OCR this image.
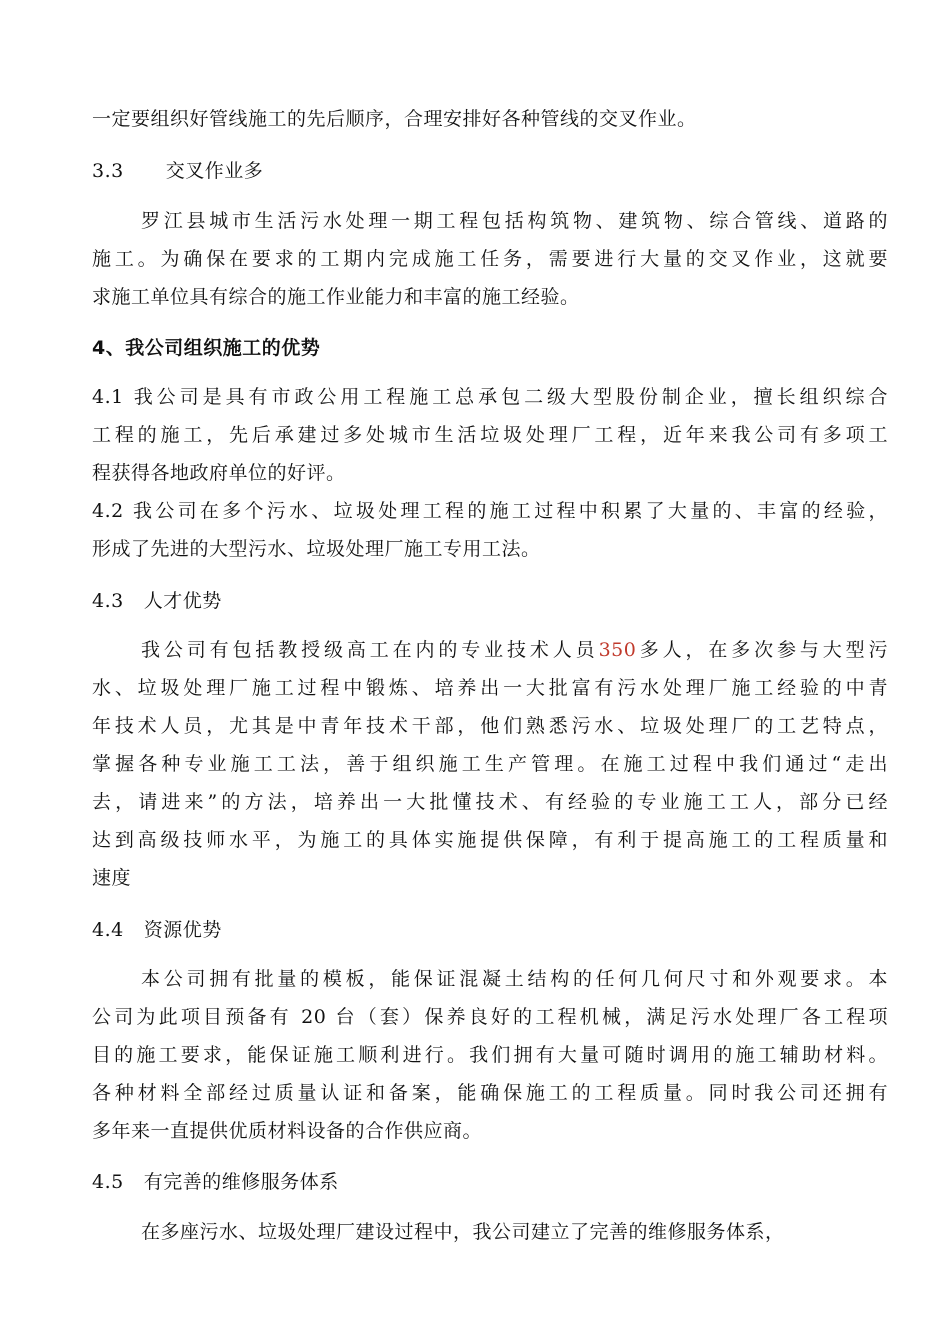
一定要组织好管线施工的先后顺序，合理安排好各种管线的交叉作业。
3.3 交叉作业多
罗江县城市生活污水处理一期工程包括构筑物、建筑物、综合管线、道路的
施工。为确保在要求的工期内完成施工任务，需要进行大量的交叉作业，这就要
求施工单位具有综合的施工作业能力和丰富的施工经验。
4、我公司组织施工的优势
4.1 我公司是具有市政公用工程施工总承包二级大型股份制企业，擅长组织综合
工程的施工，先后承建过多处城市生活垃圾处理厂工程，近年来我公司有多项工
程获得各地政府单位的好评。
4.2 我公司在多个污水、垃圾处理工程的施工过程中积累了大量的、丰富的经验，
形成了先进的大型污水、垃圾处理厂施工专用工法。
4.3 人才优势
我公司有包括教授级高工在内的专业技术人员350多人，在多次参与大型污
水、垃圾处理厂施工过程中锻炼、培养出一大批富有污水处理厂施工经验的中青
年技术人员，尤其是中青年技术干部，他们熟悉污水、垃圾处理厂的工艺特点，
掌握各种专业施工工法，善于组织施工生产管理。在施工过程中我们通过“走出
去，请进来”的方法，培养出一大批懂技术、有经验的专业施工工人，部分已经
达到高级技师水平，为施工的具体实施提供保障，有利于提高施工的工程质量和
速度
4.4 资源优势
本公司拥有批量的模板，能保证混凝土结构的任何几何尺寸和外观要求。本
公司为此项目预备有 20 台（套）保养良好的工程机械，满足污水处理厂各工程项
目的施工要求，能保证施工顺利进行。我们拥有大量可随时调用的施工辅助材料。
各种材料全部经过质量认证和备案，能确保施工的工程质量。同时我公司还拥有
多年来一直提供优质材料设备的合作供应商。
4.5 有完善的维修服务体系
在多座污水、垃圾处理厂建设过程中，我公司建立了完善的维修服务体系，
